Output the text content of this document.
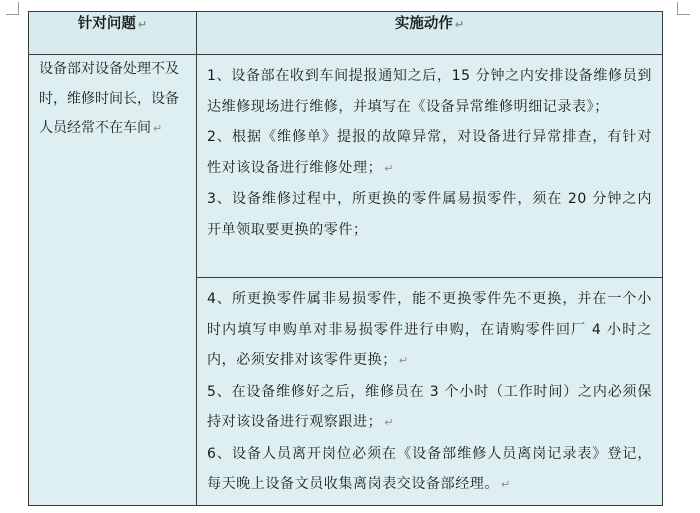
针对问题 ↵	实施动作 ↵
设备部对设备处理不及时，维修时间长，设备人员经常不在车间 ↵	1、设备部在收到车间提报通知之后，15 分钟之内安排设备维修员到达维修现场进行维修，并填写在《设备异常维修明细记录表》；

2、根据《维修单》提报的故障异常，对设备进行异常排查，有针对性对该设备进行维修处理； ↵

3、设备维修过程中，所更换的零件属易损零件，须在 20 分钟之内开单领取要更换的零件；

	4、所更换零件属非易损零件，能不更换零件先不更换，并在一个小时内填写申购单对非易损零件进行申购，在请购零件回厂 4 小时之内，必须安排对该零件更换； ↵

5、在设备维修好之后，维修员在 3 个小时（工作时间）之内必须保持对该设备进行观察跟进； ↵

6、设备人员离开岗位必须在《设备部维修人员离岗记录表》登记，每天晚上设备文员收集离岗表交设备部经理。 ↵
